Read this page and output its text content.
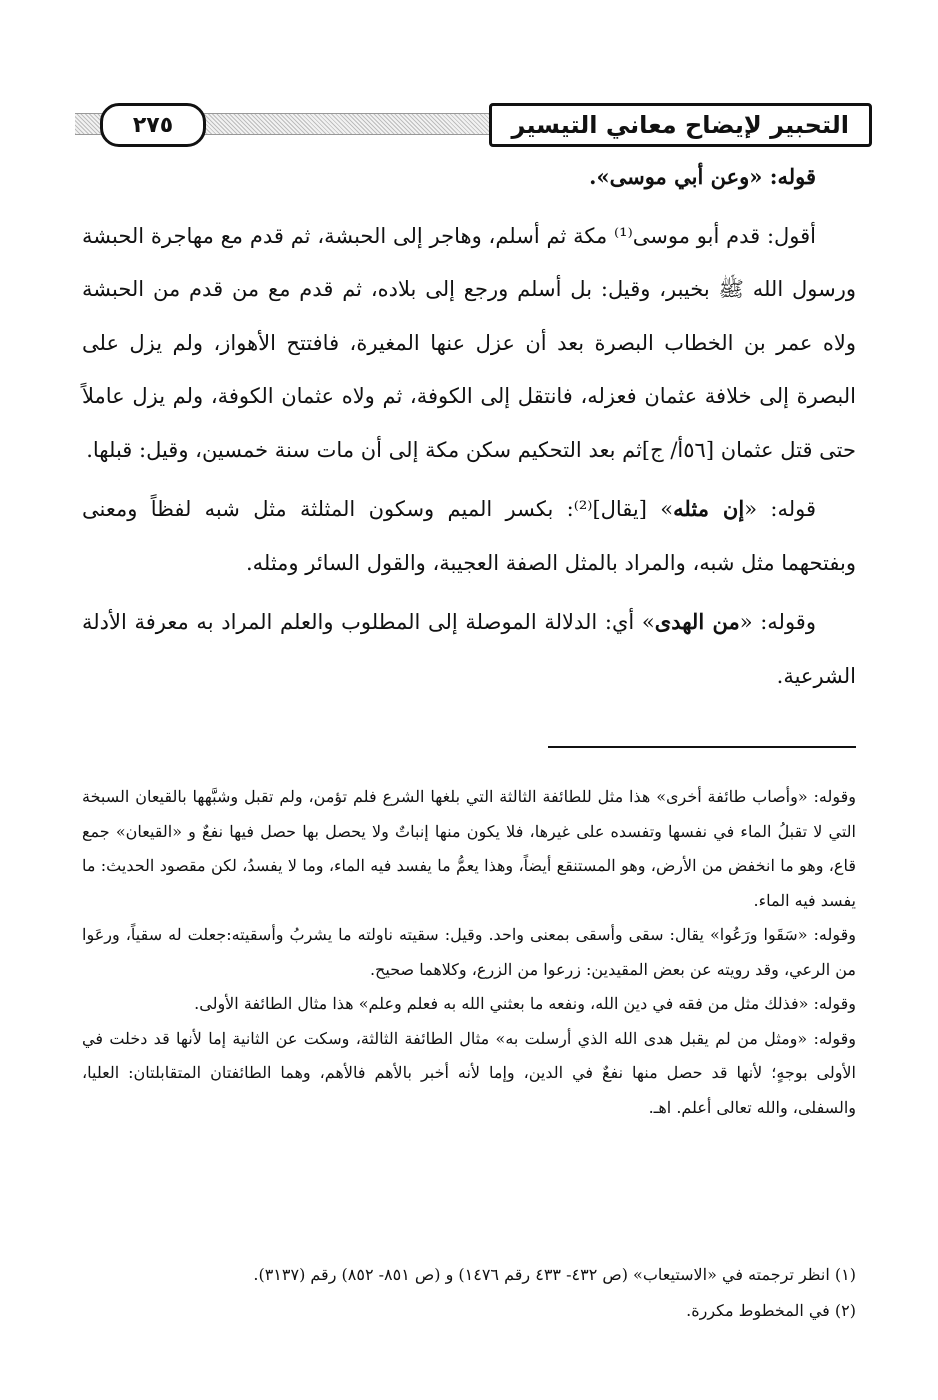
التحبير لإيضاح معاني التيسير
٢٧٥

قوله: «وعن أبي موسى».

أقول: قدم أبو موسى⁽¹⁾ مكة ثم أسلم، وهاجر إلى الحبشة، ثم قدم مع مهاجرة الحبشة ورسول الله ﷺ بخيبر، وقيل: بل أسلم ورجع إلى بلاده، ثم قدم مع من قدم من الحبشة ولاه عمر بن الخطاب البصرة بعد أن عزل عنها المغيرة، فافتتح الأهواز، ولم يزل على البصرة إلى خلافة عثمان فعزله، فانتقل إلى الكوفة، ثم ولاه عثمان الكوفة، ولم يزل عاملاً حتى قتل عثمان [٥٦أ/ ج]ثم بعد التحكيم سكن مكة إلى أن مات سنة خمسين، وقيل: قبلها.

قوله: «إن مثله» [يقال]⁽²⁾: بكسر الميم وسكون المثلثة مثل شبه لفظاً ومعنى وبفتحهما مثل شبه، والمراد بالمثل الصفة العجيبة، والقول السائر ومثله.

وقوله: «من الهدى» أي: الدلالة الموصلة إلى المطلوب والعلم المراد به معرفة الأدلة الشرعية.

وقوله: «وأصاب طائفة أخرى» هذا مثل للطائفة الثالثة التي بلغها الشرع فلم تؤمن، ولم تقبل وشبَّهها بالقيعان السبخة التي لا تقبلُ الماء في نفسها وتفسده على غيرها، فلا يكون منها إنباتٌ ولا يحصل بها حصل فيها نفعٌ و «القيعان» جمع قاع، وهو ما انخفض من الأرض، وهو المستنقع أيضاً، وهذا يعمُّ ما يفسد فيه الماء، وما لا يفسدُ، لكن مقصود الحديث: ما يفسد فيه الماء.

وقوله: «سَقَوا ورَعُوا» يقال: سقى وأسقى بمعنى واحد. وقيل: سقيته ناولته ما يشربُ وأسقيته:جعلت له سقياً، ورعَوا من الرعي، وقد رويته عن بعض المقيدين: زرعوا من الزرع، وكلاهما صحيح.

وقوله: «فذلك مثل من فقه في دين الله، ونفعه ما بعثني الله به فعلم وعلم» هذا مثال الطائفة الأولى.

وقوله: «ومثل من لم يقبل هدى الله الذي أرسلت به» مثال الطائفة الثالثة، وسكت عن الثانية إما لأنها قد دخلت في الأولى بوجهٍ؛ لأنها قد حصل منها نفعٌ في الدين، وإما لأنه أخبر بالأهم فالأهم، وهما الطائفتان المتقابلتان: العليا، والسفلى، والله تعالى أعلم. اهـ.

(١) انظر ترجمته في «الاستيعاب» (ص ٤٣٢- ٤٣٣ رقم ١٤٧٦) و (ص ٨٥١- ٨٥٢) رقم (٣١٣٧).

(٢) في المخطوط مكررة.
